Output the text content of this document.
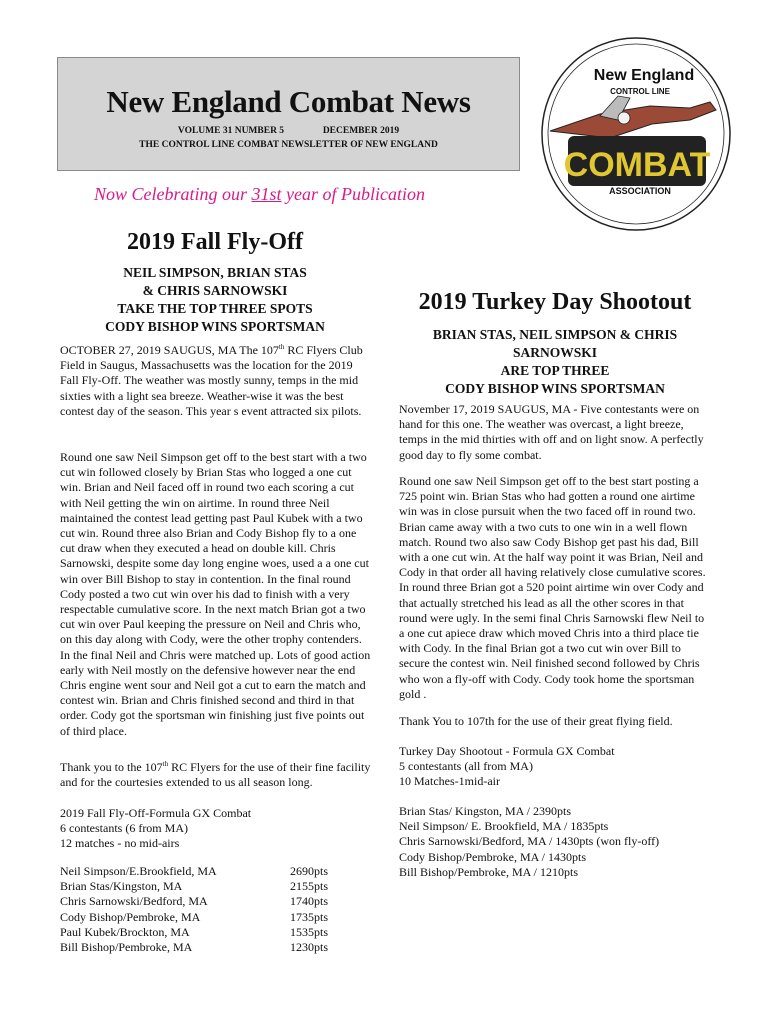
New England Combat News
VOLUME 31 NUMBER 5	DECEMBER 2019
THE CONTROL LINE COMBAT NEWSLETTER OF NEW ENGLAND
COMBAT
New England
CONTROL LINE
ASSOCIATION
Now Celebrating our 31st year of Publication
2019 Fall Fly-Off
NEIL SIMPSON, BRIAN STAS
& CHRIS SARNOWSKI
TAKE THE TOP THREE SPOTS
CODY BISHOP WINS SPORTSMAN

OCTOBER 27, 2019 SAUGUS, MA The 107th RC Flyers Club Field in Saugus, Massachusetts was the location for the 2019 Fall Fly-Off. The weather was mostly sunny, temps in the mid sixties with a light sea breeze. Weather-wise it was the best contest day of the season. This year s event attracted six pilots.

Round one saw Neil Simpson get off to the best start with a two cut win followed closely by Brian Stas who logged a one cut win. Brian and Neil faced off in round two each scoring a cut with Neil getting the win on airtime. In round three Neil maintained the contest lead getting past Paul Kubek with a two cut win. Round three also Brian and Cody Bishop fly to a one cut draw when they executed a head on double kill. Chris Sarnowski, despite some day long engine woes, used a a one cut win over Bill Bishop to stay in contention. In the final round Cody posted a two cut win over his dad to finish with a very respectable cumulative score. In the next match Brian got a two cut win over Paul keeping the pressure on Neil and Chris who, on this day along with Cody, were the other trophy contenders. In the final Neil and Chris were matched up. Lots of good action early with Neil mostly on the defensive however near the end Chris engine went sour and Neil got a cut to earn the match and contest win. Brian and Chris finished second and third in that order. Cody got the sportsman win finishing just five points out of third place.

Thank you to the 107th RC Flyers for the use of their fine facility and for the courtesies extended to us all season long.

2019 Fall Fly-Off-Formula GX Combat
6 contestants (6 from MA)
12 matches - no mid-airs
Neil Simpson/E.Brookfield, MA	2690pts
Brian Stas/Kingston, MA	2155pts
Chris Sarnowski/Bedford, MA	1740pts
Cody Bishop/Pembroke, MA	1735pts
Paul Kubek/Brockton, MA	1535pts
Bill Bishop/Pembroke, MA	1230pts
2019 Turkey Day Shootout
BRIAN STAS, NEIL SIMPSON & CHRIS
SARNOWSKI
ARE TOP THREE
CODY BISHOP WINS SPORTSMAN

November 17, 2019 SAUGUS, MA - Five contestants were on hand for this one. The weather was overcast, a light breeze, temps in the mid thirties with off and on light snow. A perfectly good day to fly some combat.

Round one saw Neil Simpson get off to the best start posting a 725 point win. Brian Stas who had gotten a round one airtime win was in close pursuit when the two faced off in round two. Brian came away with a two cuts to one win in a well flown match. Round two also saw Cody Bishop get past his dad, Bill with a one cut win. At the half way point it was Brian, Neil and Cody in that order all having relatively close cumulative scores. In round three Brian got a 520 point airtime win over Cody and that actually stretched his lead as all the other scores in that round were ugly. In the semi final Chris Sarnowski flew Neil to a one cut apiece draw which moved Chris into a third place tie with Cody. In the final Brian got a two cut win over Bill to secure the contest win. Neil finished second followed by Chris who won a fly-off with Cody. Cody took home the sportsman gold .

Thank You to 107th for the use of their great flying field.

Turkey Day Shootout - Formula GX Combat
5 contestants (all from MA)
10 Matches-1mid-air
Brian Stas/ Kingston, MA / 2390pts
Neil Simpson/ E. Brookfield, MA / 1835pts
Chris Sarnowski/Bedford, MA / 1430pts (won fly-off)
Cody Bishop/Pembroke, MA / 1430pts
Bill Bishop/Pembroke, MA / 1210pts
